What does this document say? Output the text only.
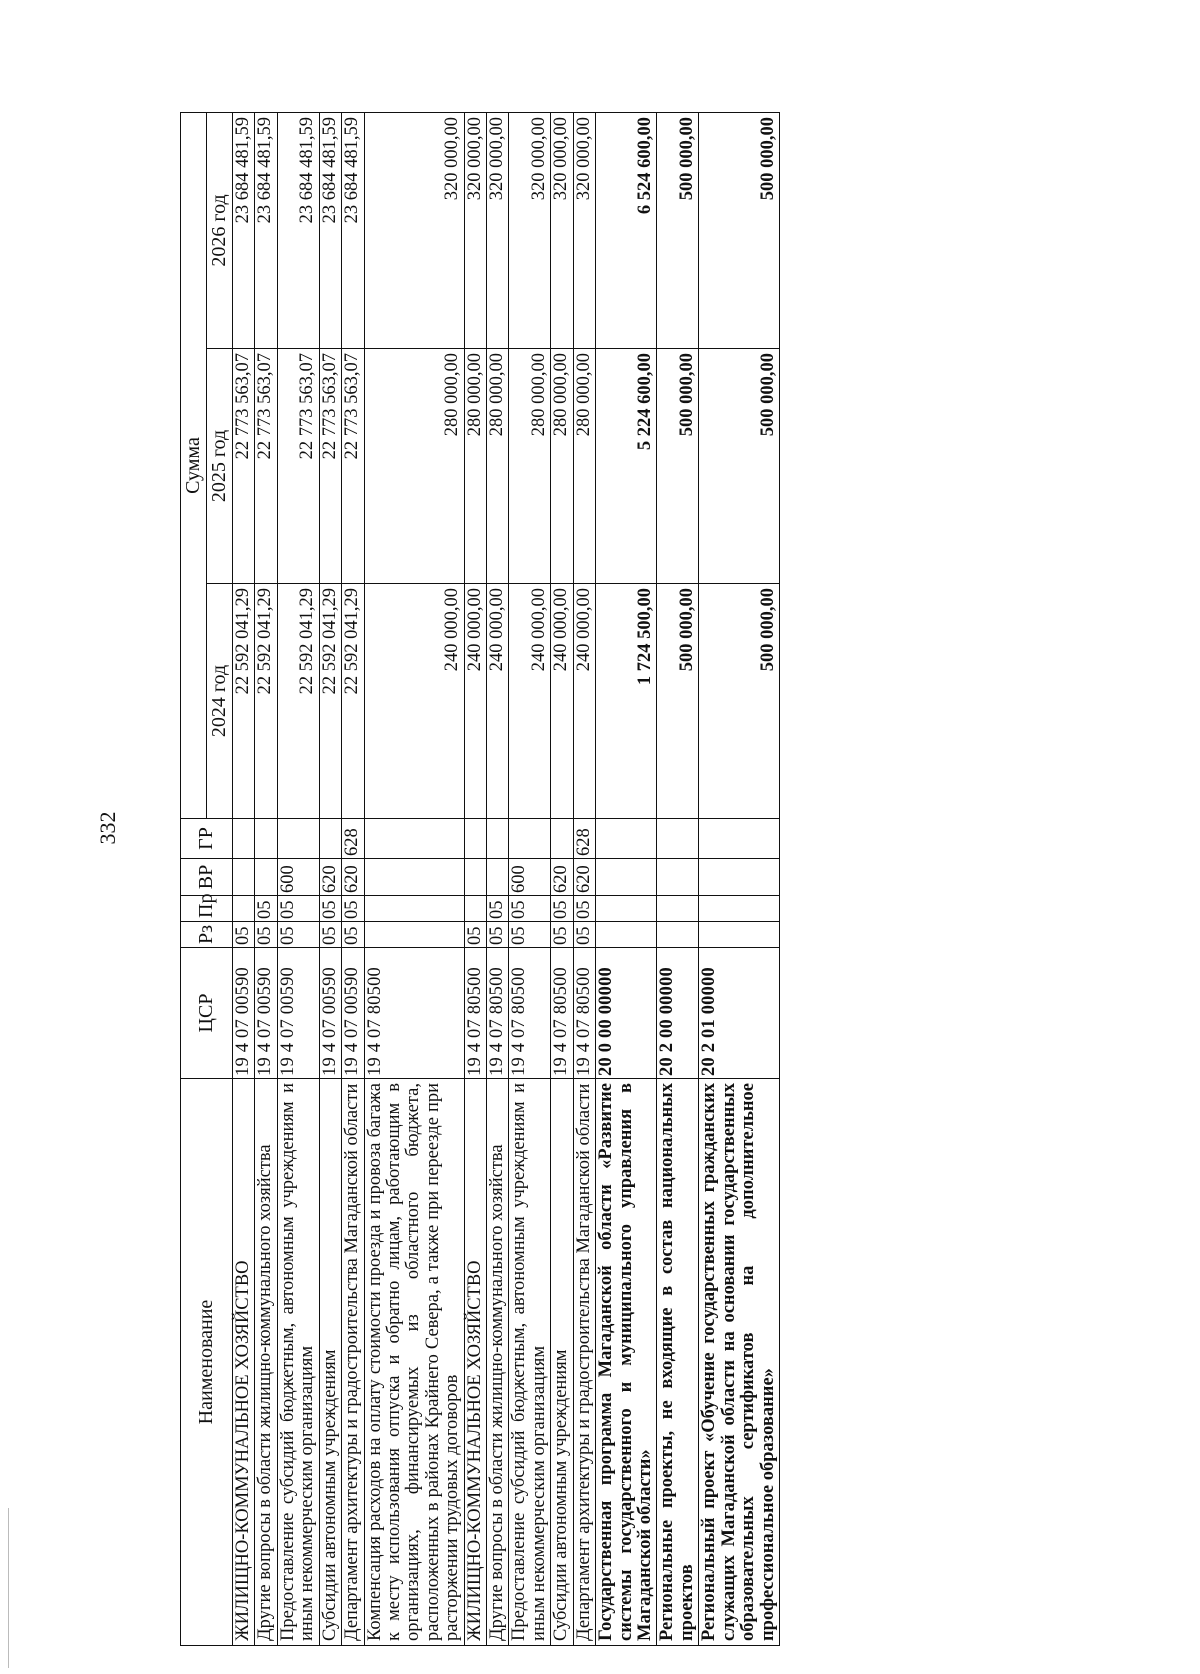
332
Наименование	ЦСР	Рз	Пр	ВР	ГР	Сумма		
						2024 год	2025 год	2026 год
ЖИЛИЩНО-КОММУНАЛЬНОЕ ХОЗЯЙСТВО	19 4 07 00590	05				22 592 041,29	22 773 563,07	23 684 481,59
Другие вопросы в области жилищно-коммунального хозяйства	19 4 07 00590	05	05			22 592 041,29	22 773 563,07	23 684 481,59
Предоставление субсидий бюджетным, автономным учреждениям и иным некоммерческим организациям	19 4 07 00590	05	05	600		22 592 041,29	22 773 563,07	23 684 481,59
Субсидии автономным учреждениям	19 4 07 00590	05	05	620		22 592 041,29	22 773 563,07	23 684 481,59
Департамент архитектуры и градостроительства Магаданской области	19 4 07 00590	05	05	620	628	22 592 041,29	22 773 563,07	23 684 481,59
Компенсация расходов на оплату стоимости проезда и провоза багажа к месту использования отпуска и обратно лицам, работающим в организациях, финансируемых из областного бюджета, расположенных в районах Крайнего Севера, а также при переезде при расторжении трудовых договоров	19 4 07 80500					240 000,00	280 000,00	320 000,00
ЖИЛИЩНО-КОММУНАЛЬНОЕ ХОЗЯЙСТВО	19 4 07 80500	05				240 000,00	280 000,00	320 000,00
Другие вопросы в области жилищно-коммунального хозяйства	19 4 07 80500	05	05			240 000,00	280 000,00	320 000,00
Предоставление субсидий бюджетным, автономным учреждениям и иным некоммерческим организациям	19 4 07 80500	05	05	600		240 000,00	280 000,00	320 000,00
Субсидии автономным учреждениям	19 4 07 80500	05	05	620		240 000,00	280 000,00	320 000,00
Департамент архитектуры и градостроительства Магаданской области	19 4 07 80500	05	05	620	628	240 000,00	280 000,00	320 000,00
Государственная программа Магаданской области «Развитие системы государственного и муниципального управления в Магаданской области»	20 0 00 00000					1 724 500,00	5 224 600,00	6 524 600,00
Региональные проекты, не входящие в состав национальных проектов	20 2 00 00000					500 000,00	500 000,00	500 000,00
Региональный проект «Обучение государственных гражданских служащих Магаданской области на основании государственных образовательных сертификатов на дополнительное профессиональное образование»	20 2 01 00000					500 000,00	500 000,00	500 000,00
